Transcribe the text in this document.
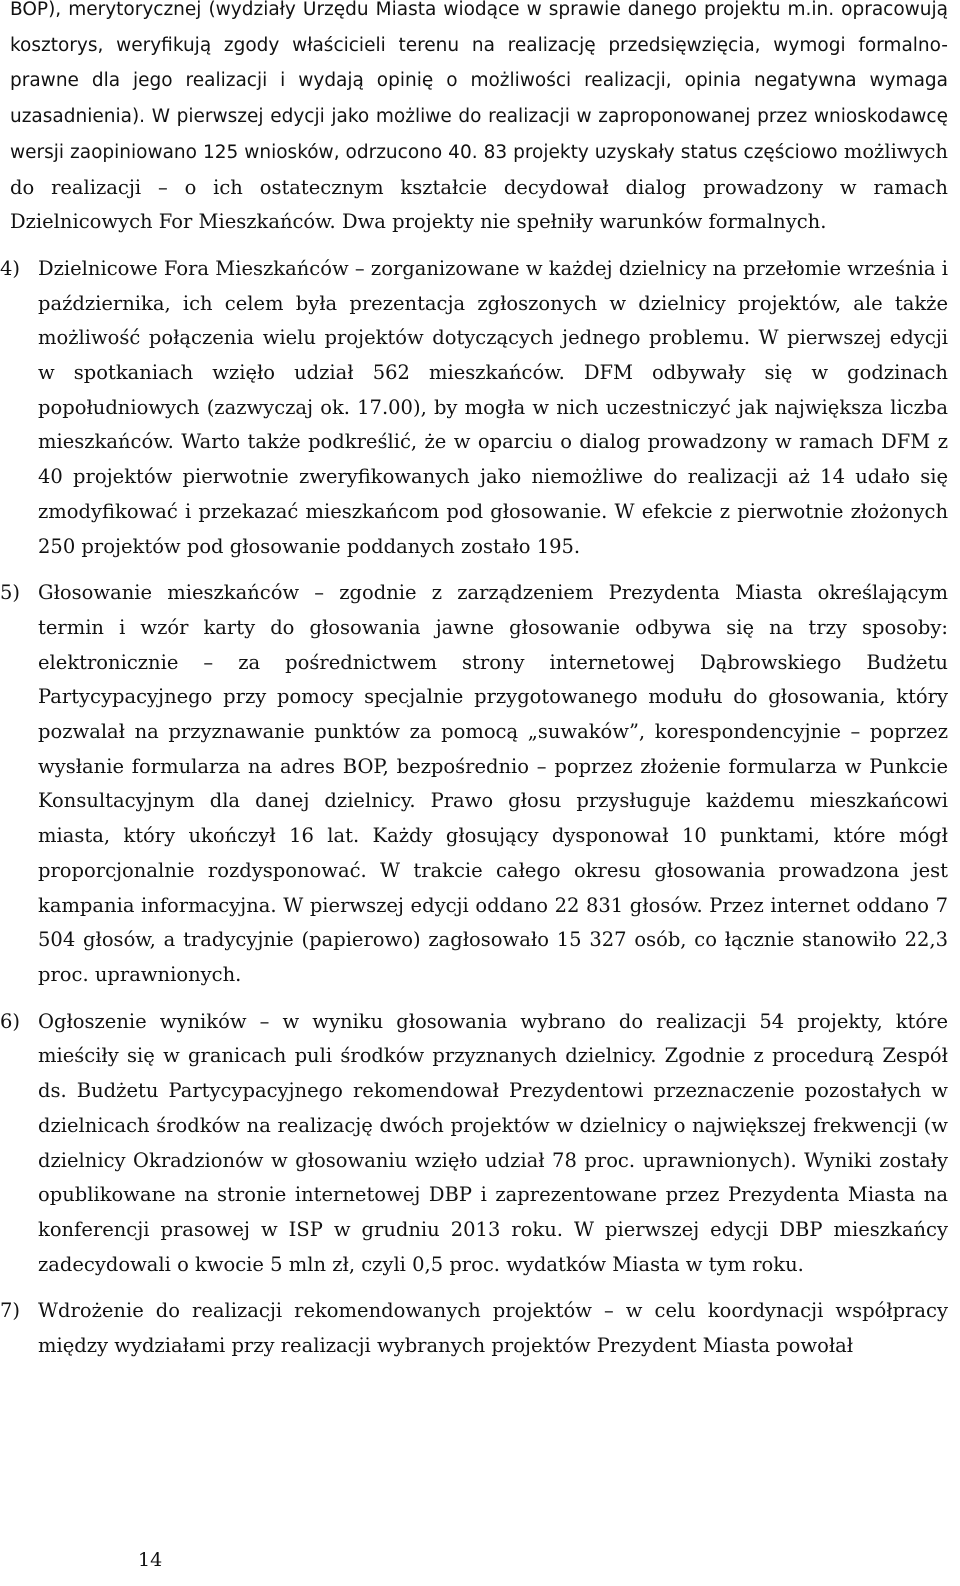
BOP), merytorycznej (wydziały Urzędu Miasta wiodące w sprawie danego projektu m.in. opracowują kosztorys, weryfikują zgody właścicieli terenu na realizację przedsięwzięcia, wymogi formalno-prawne dla jego realizacji i wydają opinię o możliwości realizacji, opinia negatywna wymaga uzasadnienia). W pierwszej edycji jako możliwe do realizacji w zaproponowanej przez wnioskodawcę wersji zaopiniowano 125 wniosków, odrzucono 40. 83 projekty uzyskały status częściowo możliwych do realizacji – o ich ostatecznym kształcie decydował dialog prowadzony w ramach Dzielnicowych For Mieszkańców. Dwa projekty nie spełniły warunków formalnych.

4) Dzielnicowe Fora Mieszkańców – zorganizowane w każdej dzielnicy na przełomie września i października, ich celem była prezentacja zgłoszonych w dzielnicy projektów, ale także możliwość połączenia wielu projektów dotyczących jednego problemu. W pierwszej edycji w spotkaniach wzięło udział 562 mieszkańców. DFM odbywały się w godzinach popołudniowych (zazwyczaj ok. 17.00), by mogła w nich uczestniczyć jak największa liczba mieszkańców. Warto także podkreślić, że w oparciu o dialog prowadzony w ramach DFM z 40 projektów pierwotnie zweryfikowanych jako niemożliwe do realizacji aż 14 udało się zmodyfikować i przekazać mieszkańcom pod głosowanie. W efekcie z pierwotnie złożonych 250 projektów pod głosowanie poddanych zostało 195.

5) Głosowanie mieszkańców – zgodnie z zarządzeniem Prezydenta Miasta określającym termin i wzór karty do głosowania jawne głosowanie odbywa się na trzy sposoby: elektronicznie – za pośrednictwem strony internetowej Dąbrowskiego Budżetu Partycypacyjnego przy pomocy specjalnie przygotowanego modułu do głosowania, który pozwalał na przyznawanie punktów za pomocą „suwaków”, korespondencyjnie – poprzez wysłanie formularza na adres BOP, bezpośrednio – poprzez złożenie formularza w Punkcie Konsultacyjnym dla danej dzielnicy. Prawo głosu przysługuje każdemu mieszkańcowi miasta, który ukończył 16 lat. Każdy głosujący dysponował 10 punktami, które mógł proporcjonalnie rozdysponować. W trakcie całego okresu głosowania prowadzona jest kampania informacyjna. W pierwszej edycji oddano 22 831 głosów. Przez internet oddano 7 504 głosów, a tradycyjnie (papierowo) zagłosowało 15 327 osób, co łącznie stanowiło 22,3 proc. uprawnionych.

6) Ogłoszenie wyników – w wyniku głosowania wybrano do realizacji 54 projekty, które mieściły się w granicach puli środków przyznanych dzielnicy. Zgodnie z procedurą Zespół ds. Budżetu Partycypacyjnego rekomendował Prezydentowi przeznaczenie pozostałych w dzielnicach środków na realizację dwóch projektów w dzielnicy o największej frekwencji (w dzielnicy Okradzionów w głosowaniu wzięło udział 78 proc. uprawnionych). Wyniki zostały opublikowane na stronie internetowej DBP i zaprezentowane przez Prezydenta Miasta na konferencji prasowej w ISP w grudniu 2013 roku. W pierwszej edycji DBP mieszkańcy zadecydowali o kwocie 5 mln zł, czyli 0,5 proc. wydatków Miasta w tym roku.

7) Wdrożenie do realizacji rekomendowanych projektów – w celu koordynacji współpracy między wydziałami przy realizacji wybranych projektów Prezydent Miasta powołał

14
